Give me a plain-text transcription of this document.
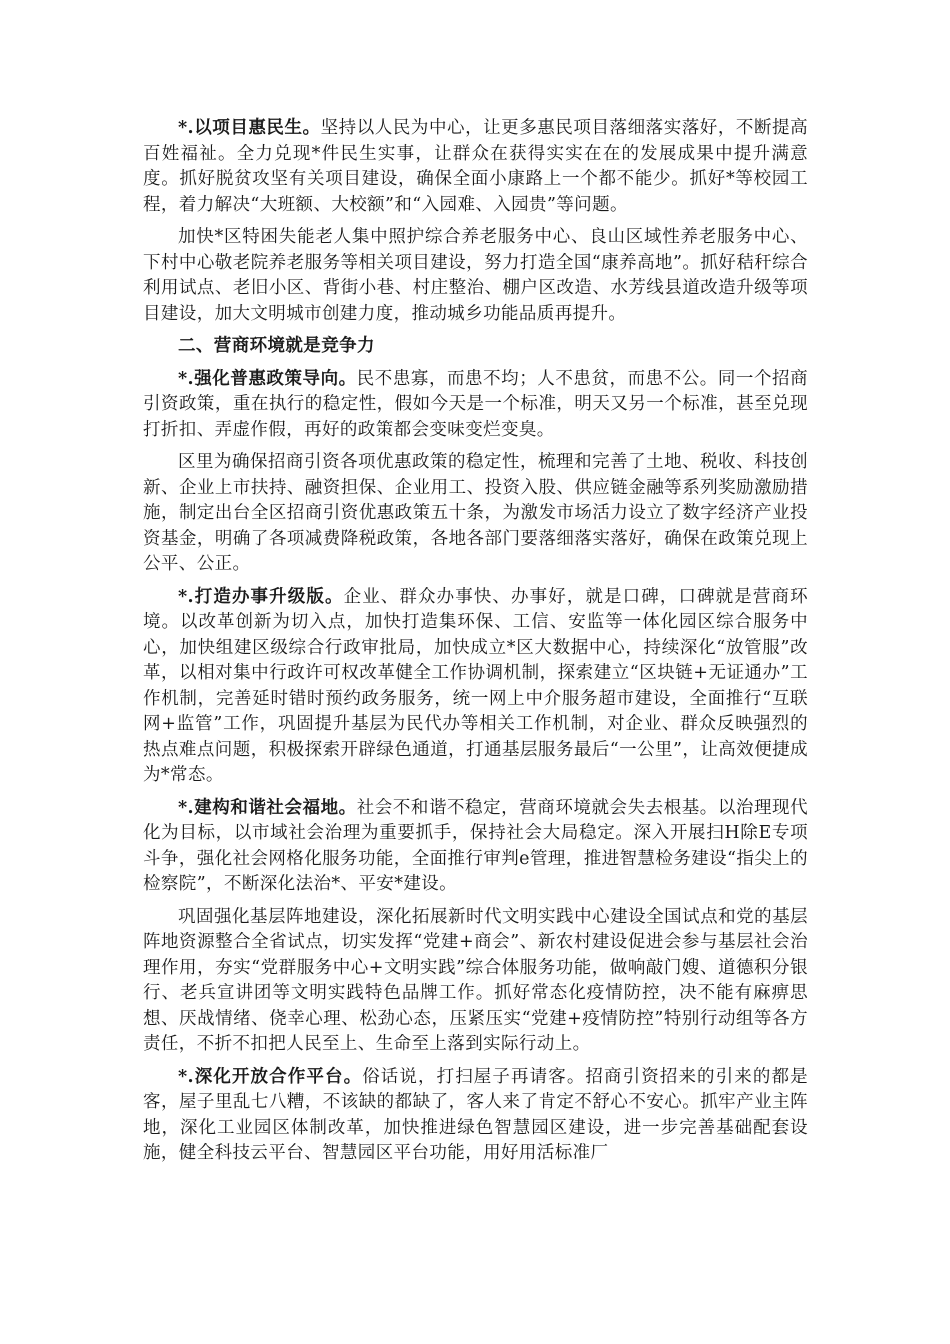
*.以项目惠民生。坚持以人民为中心，让更多惠民项目落细落实落好，不断提高百姓福祉。全力兑现*件民生实事，让群众在获得实实在在的发展成果中提升满意度。抓好脱贫攻坚有关项目建设，确保全面小康路上一个都不能少。抓好*等校园工程，着力解决“大班额、大校额”和“入园难、入园贵”等问题。

加快*区特困失能老人集中照护综合养老服务中心、良山区域性养老服务中心、下村中心敬老院养老服务等相关项目建设，努力打造全国“康养高地”。抓好秸秆综合利用试点、老旧小区、背街小巷、村庄整治、棚户区改造、水芳线县道改造升级等项目建设，加大文明城市创建力度，推动城乡功能品质再提升。

二、营商环境就是竞争力

*.强化普惠政策导向。民不患寡，而患不均；人不患贫，而患不公。同一个招商引资政策，重在执行的稳定性，假如今天是一个标准，明天又另一个标准，甚至兑现打折扣、弄虚作假，再好的政策都会变味变烂变臭。

区里为确保招商引资各项优惠政策的稳定性，梳理和完善了土地、税收、科技创新、企业上市扶持、融资担保、企业用工、投资入股、供应链金融等系列奖励激励措施，制定出台全区招商引资优惠政策五十条，为激发市场活力设立了数字经济产业投资基金，明确了各项减费降税政策，各地各部门要落细落实落好，确保在政策兑现上公平、公正。

*.打造办事升级版。企业、群众办事快、办事好，就是口碑，口碑就是营商环境。以改革创新为切入点，加快打造集环保、工信、安监等一体化园区综合服务中心，加快组建区级综合行政审批局，加快成立*区大数据中心，持续深化“放管服”改革，以相对集中行政许可权改革健全工作协调机制，探索建立“区块链+无证通办”工作机制，完善延时错时预约政务服务，统一网上中介服务超市建设，全面推行“互联网+监管”工作，巩固提升基层为民代办等相关工作机制，对企业、群众反映强烈的热点难点问题，积极探索开辟绿色通道，打通基层服务最后“一公里”，让高效便捷成为*常态。

*.建构和谐社会福地。社会不和谐不稳定，营商环境就会失去根基。以治理现代化为目标，以市域社会治理为重要抓手，保持社会大局稳定。深入开展扫H除E专项斗争，强化社会网格化服务功能，全面推行审判e管理，推进智慧检务建设“指尖上的检察院”，不断深化法治*、平安*建设。

巩固强化基层阵地建设，深化拓展新时代文明实践中心建设全国试点和党的基层阵地资源整合全省试点，切实发挥“党建+商会”、新农村建设促进会参与基层社会治理作用，夯实“党群服务中心+文明实践”综合体服务功能，做响敲门嫂、道德积分银行、老兵宣讲团等文明实践特色品牌工作。抓好常态化疫情防控，决不能有麻痹思想、厌战情绪、侥幸心理、松劲心态，压紧压实“党建+疫情防控”特别行动组等各方责任，不折不扣把人民至上、生命至上落到实际行动上。

*.深化开放合作平台。俗话说，打扫屋子再请客。招商引资招来的引来的都是客，屋子里乱七八糟，不该缺的都缺了，客人来了肯定不舒心不安心。抓牢产业主阵地，深化工业园区体制改革，加快推进绿色智慧园区建设，进一步完善基础配套设施，健全科技云平台、智慧园区平台功能，用好用活标准厂
